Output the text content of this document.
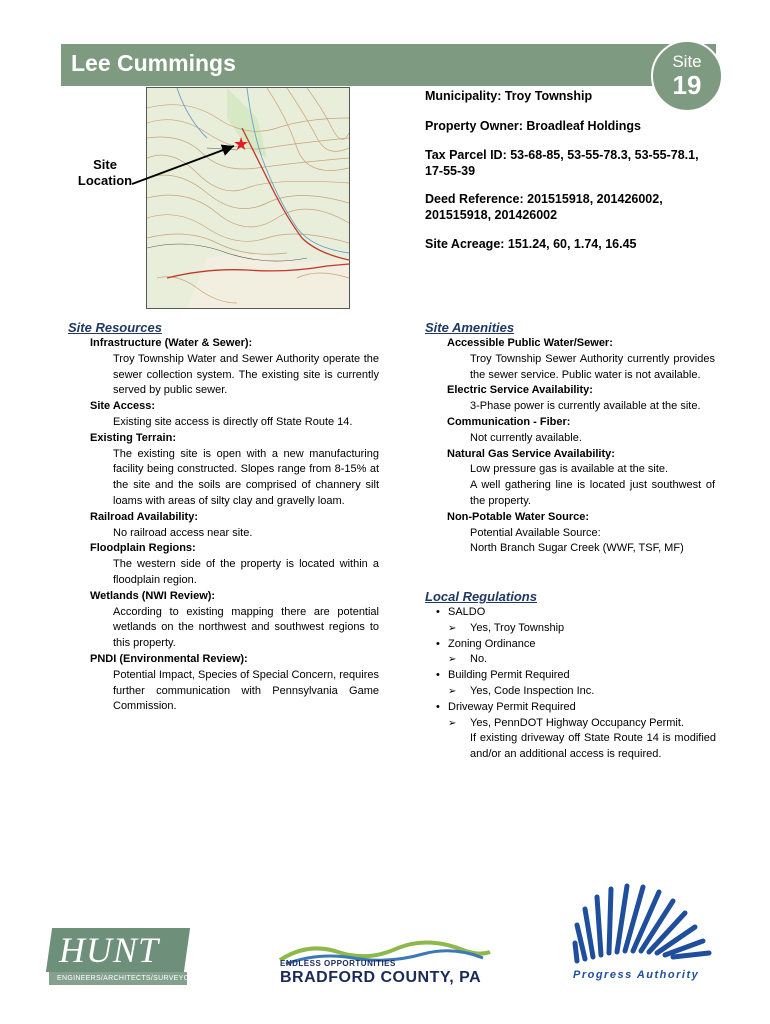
Lee Cummings	Site
19
★
Site Location
Municipality: Troy Township
Property Owner: Broadleaf Holdings
Tax Parcel ID: 53-68-85, 53-55-78.3, 53-55-78.1, 17-55-39
Deed Reference: 201515918, 201426002, 201515918, 201426002
Site Acreage: 151.24, 60, 1.74, 16.45
Site Resources
Infrastructure (Water & Sewer):
Troy Township Water and Sewer Authority operate the sewer collection system. The existing site is currently served by public sewer.
Site Access:
Existing site access is directly off State Route 14.
Existing Terrain:
The existing site is open with a new manufacturing facility being constructed. Slopes range from 8-15% at the site and the soils are comprised of channery silt loams with areas of silty clay and gravelly loam.
Railroad Availability:
No railroad access near site.
Floodplain Regions:
The western side of the property is located within a floodplain region.
Wetlands (NWI Review):
According to existing mapping there are potential wetlands on the northwest and southwest regions to this property.
PNDI (Environmental Review):
Potential Impact, Species of Special Concern, requires further communication with Pennsylvania Game Commission.
Site Amenities
Accessible Public Water/Sewer:
Troy Township Sewer Authority currently provides the sewer service. Public water is not available.
Electric Service Availability:
3-Phase power is currently available at the site.
Communication - Fiber:
Not currently available.
Natural Gas Service Availability:
Low pressure gas is available at the site.
A well gathering line is located just southwest of the property.
Non-Potable Water Source:
Potential Available Source:
North Branch Sugar Creek (WWF, TSF, MF)
Local Regulations
• SALDO
➢ Yes, Troy Township
• Zoning Ordinance
➢ No.
• Building Permit Required
➢ Yes, Code Inspection Inc.
• Driveway Permit Required
➢ Yes, PennDOT Highway Occupancy Permit.
If existing driveway off State Route 14 is modified and/or an additional access is required.
HUNT
ENGINEERS/ARCHITECTS/SURVEYORS
ENDLESS OPPORTUNITIES
BRADFORD COUNTY, PA	Progress Authority
